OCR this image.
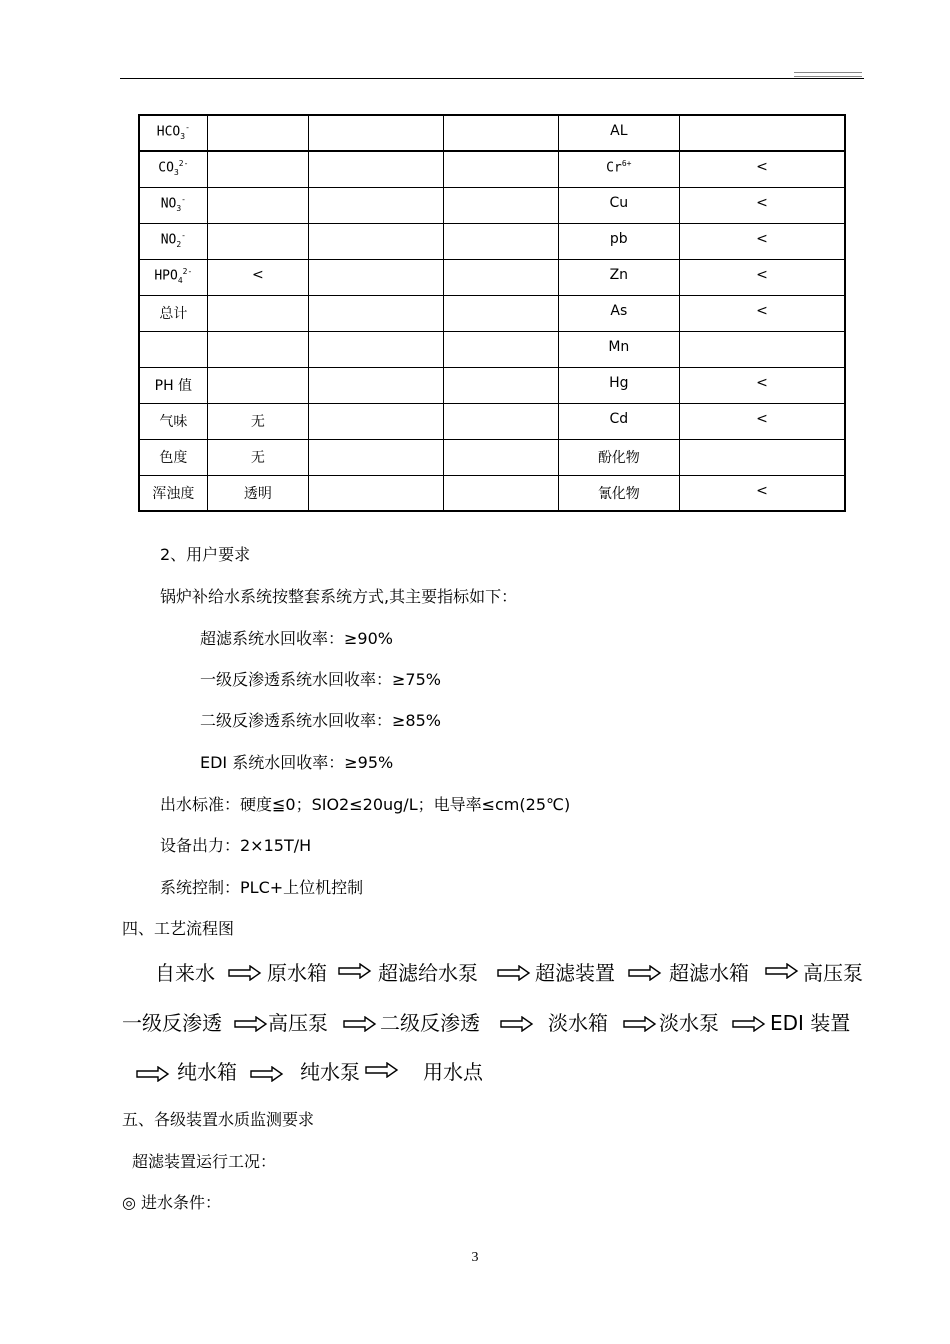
$HCO_3^-$				AL	
$CO_3^{2-}$				$Cr^{6+}$	<
$NO_3^-$				Cu	<
$NO_2^-$				pb	<
$HPO_4^{2-}$	<			Zn	<
总计				As	<
				Mn	
PH 值				Hg	<
气味	无			Cd	<
色度	无			酚化物	
浑浊度	透明			氰化物	<
2、用户要求
锅炉补给水系统按整套系统方式,其主要指标如下：
超滤系统水回收率：≥90%
一级反渗透系统水回收率：≥75%
二级反渗透系统水回收率：≥85%
EDI 系统水回收率：≥95%
出水标准：硬度≦0；SIO2≤20ug/L；电导率≤cm(25℃)
设备出力：2×15T/H
系统控制：PLC+上位机控制
四、工艺流程图
自来水	原水箱	超滤给水泵	超滤装置	超滤水箱	高压泵
一级反渗透 高压泵	二级反渗透	淡水箱	淡水泵	EDI 装置
纯水箱	纯水泵	用水点
五、各级装置水质监测要求
超滤装置运行工况：
◎ 进水条件：
3
